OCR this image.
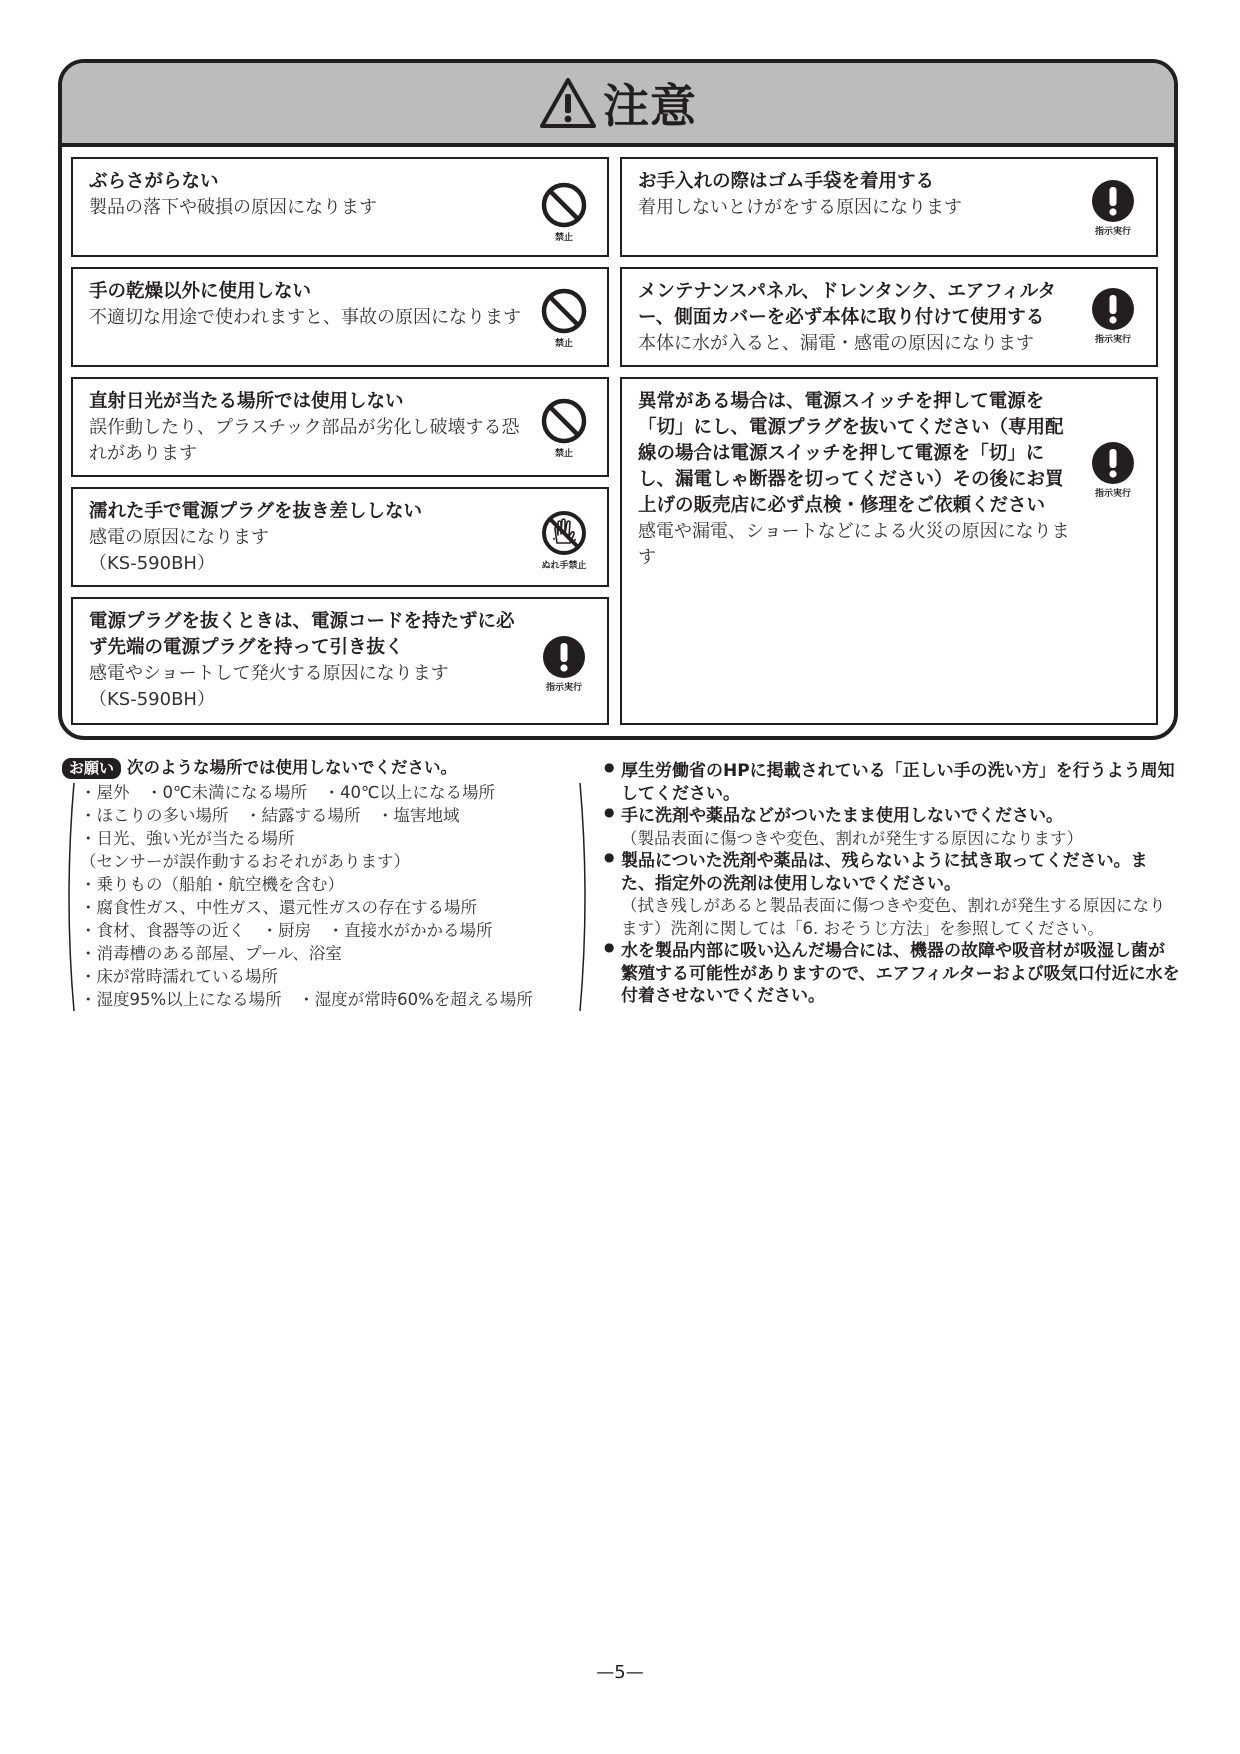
注意
ぶらさがらない
製品の落下や破損の原因になります
禁止
手の乾燥以外に使用しない
不適切な用途で使われますと、事故の原因になります
禁止
直射日光が当たる場所では使用しない
誤作動したり、プラスチック部品が劣化し破壊する恐れがあります	禁止
濡れた手で電源プラグを抜き差ししない
感電の原因になります
（KS-590BH）	ぬれ手禁止
電源プラグを抜くときは、電源コードを持たずに必ず先端の電源プラグを持って引き抜く
感電やショートして発火する原因になります
（KS-590BH）
指示実行
お手入れの際はゴム手袋を着用する
着用しないとけがをする原因になります
指示実行
メンテナンスパネル、ドレンタンク、エアフィルター、側面カバーを必ず本体に取り付けて使用する
本体に水が入ると、漏電・感電の原因になります	指示実行
異常がある場合は、電源スイッチを押して電源を「切」にし、電源プラグを抜いてください（専用配線の場合は電源スイッチを押して電源を「切」にし、漏電しゃ断器を切ってください）その後にお買上げの販売店に必ず点検・修理をご依頼ください
感電や漏電、ショートなどによる火災の原因になります
指示実行
お願い 次のような場所では使用しないでください。
・屋外　・0℃未満になる場所　・40℃以上になる場所
・ほこりの多い場所　・結露する場所　・塩害地域
・日光、強い光が当たる場所
（センサーが誤作動するおそれがあります）
・乗りもの（船舶・航空機を含む）
・腐食性ガス、中性ガス、還元性ガスの存在する場所
・食材、食器等の近く　・厨房　・直接水がかかる場所
・消毒槽のある部屋、プール、浴室
・床が常時濡れている場所
・湿度95%以上になる場所　・湿度が常時60%を超える場所
● 厚生労働省のHPに掲載されている「正しい手の洗い方」を行うよう周知してください。
● 手に洗剤や薬品などがついたまま使用しないでください。
（製品表面に傷つきや変色、割れが発生する原因になります）
● 製品についた洗剤や薬品は、残らないように拭き取ってください。また、指定外の洗剤は使用しないでください。
（拭き残しがあると製品表面に傷つきや変色、割れが発生する原因になります）洗剤に関しては「6. おそうじ方法」を参照してください。
● 水を製品内部に吸い込んだ場合には、機器の故障や吸音材が吸湿し菌が繁殖する可能性がありますので、エアフィルターおよび吸気口付近に水を付着させないでください。
—5—
